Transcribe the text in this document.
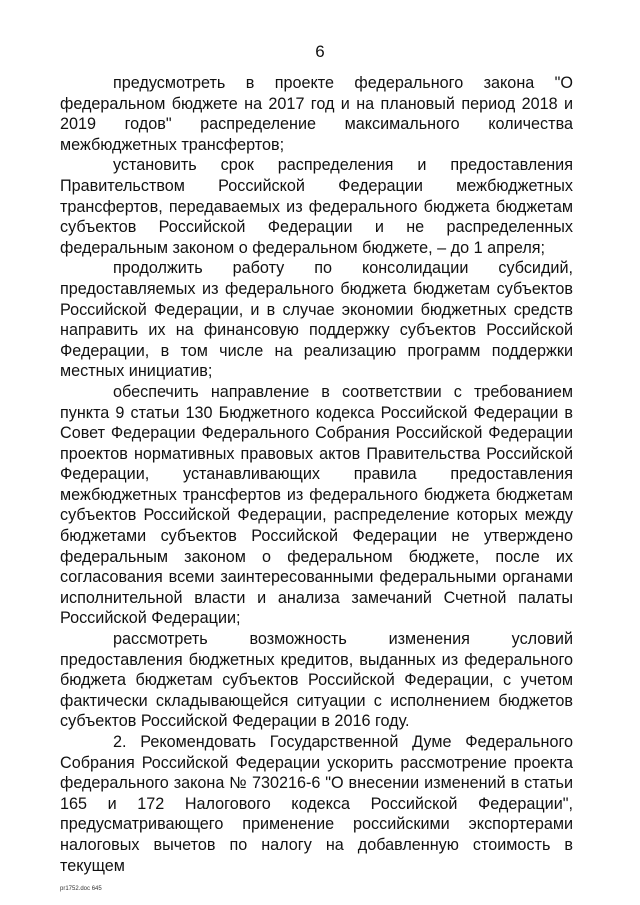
6

предусмотреть в проекте федерального закона "О федеральном бюджете на 2017 год и на плановый период 2018 и 2019 годов" распределение максимального количества межбюджетных трансфертов;

установить срок распределения и предоставления Правительством Российской Федерации межбюджетных трансфертов, передаваемых из федерального бюджета бюджетам субъектов Российской Федерации и не распределенных федеральным законом о федеральном бюджете, – до 1 апреля;

продолжить работу по консолидации субсидий, предоставляемых из федерального бюджета бюджетам субъектов Российской Федерации, и в случае экономии бюджетных средств направить их на финансовую поддержку субъектов Российской Федерации, в том числе на реализацию программ поддержки местных инициатив;

обеспечить направление в соответствии с требованием пункта 9 статьи 130 Бюджетного кодекса Российской Федерации в Совет Федерации Федерального Собрания Российской Федерации проектов нормативных правовых актов Правительства Российской Федерации, устанавливающих правила предоставления межбюджетных трансфертов из федерального бюджета бюджетам субъектов Российской Федерации, распределение которых между бюджетами субъектов Российской Федерации не утверждено федеральным законом о федеральном бюджете, после их согласования всеми заинтересованными федеральными органами исполнительной власти и анализа замечаний Счетной палаты Российской Федерации;

рассмотреть возможность изменения условий предоставления бюджетных кредитов, выданных из федерального бюджета бюджетам субъектов Российской Федерации, с учетом фактически складывающейся ситуации с исполнением бюджетов субъектов Российской Федерации в 2016 году.

2. Рекомендовать Государственной Думе Федерального Собрания Российской Федерации ускорить рассмотрение проекта федерального закона № 730216-6 "О внесении изменений в статьи 165 и 172 Налогового кодекса Российской Федерации", предусматривающего применение российскими экспортерами налоговых вычетов по налогу на добавленную стоимость в текущем

pr1752.doc 645
